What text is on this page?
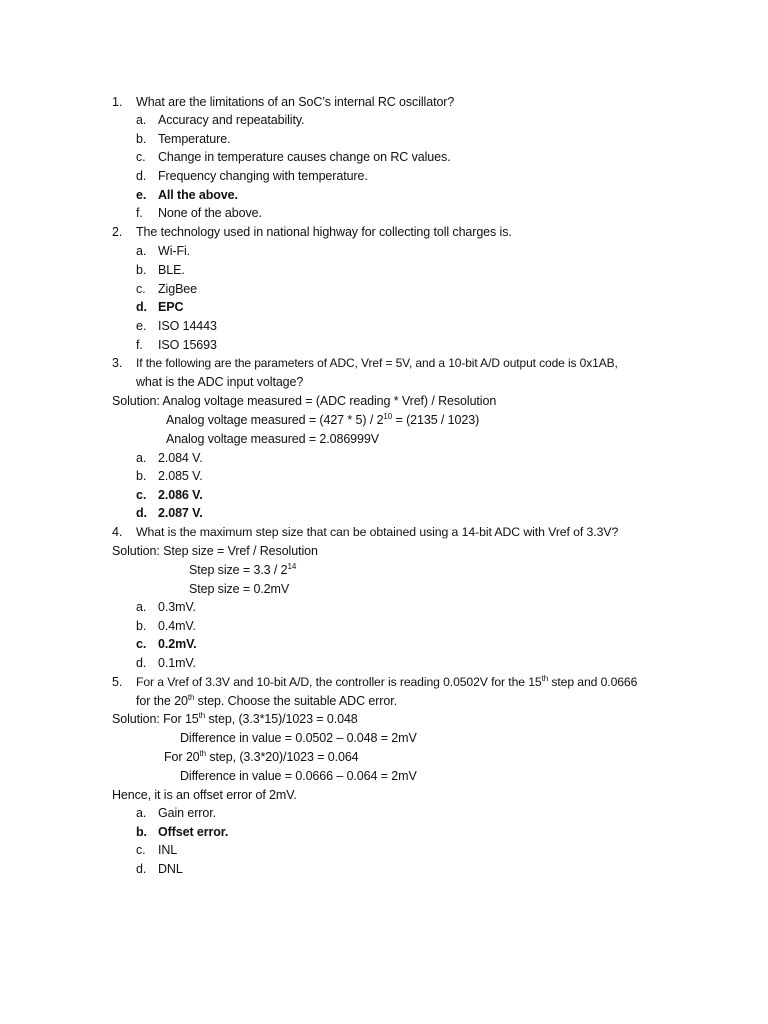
1. What are the limitations of an SoC’s internal RC oscillator?
a. Accuracy and repeatability.
b. Temperature.
c. Change in temperature causes change on RC values.
d. Frequency changing with temperature.
e. All the above.
f. None of the above.
2. The technology used in national highway for collecting toll charges is.
a. Wi-Fi.
b. BLE.
c. ZigBee
d. EPC
e. ISO 14443
f. ISO 15693
3. If the following are the parameters of ADC, Vref = 5V, and a 10-bit A/D output code is 0x1AB,
what is the ADC input voltage?
Solution: Analog voltage measured = (ADC reading * Vref) / Resolution
Analog voltage measured = $(427 * 5) / 2^{10} = (2135 / 1023)$
Analog voltage measured = 2.086999V
a. 2.084 V.
b. 2.085 V.
c. 2.086 V.
d. 2.087 V.
4. What is the maximum step size that can be obtained using a 14-bit ADC with Vref of 3.3V?
Solution: Step size = Vref / Resolution
Step size = $3.3 / 2^{14}$
Step size = 0.2mV
a. 0.3mV.
b. 0.4mV.
c. 0.2mV.
d. 0.1mV.
5. For a Vref of 3.3V and 10-bit A/D, the controller is reading 0.0502V for the 15th step and 0.0666
for the 20th step. Choose the suitable ADC error.
Solution: For 15th step, (3.3*15)/1023 = 0.048
Difference in value = 0.0502 – 0.048 = 2mV
For 20th step, (3.3*20)/1023 = 0.064
Difference in value = 0.0666 – 0.064 = 2mV
Hence, it is an offset error of 2mV.
a. Gain error.
b. Offset error.
c. INL
d. DNL
